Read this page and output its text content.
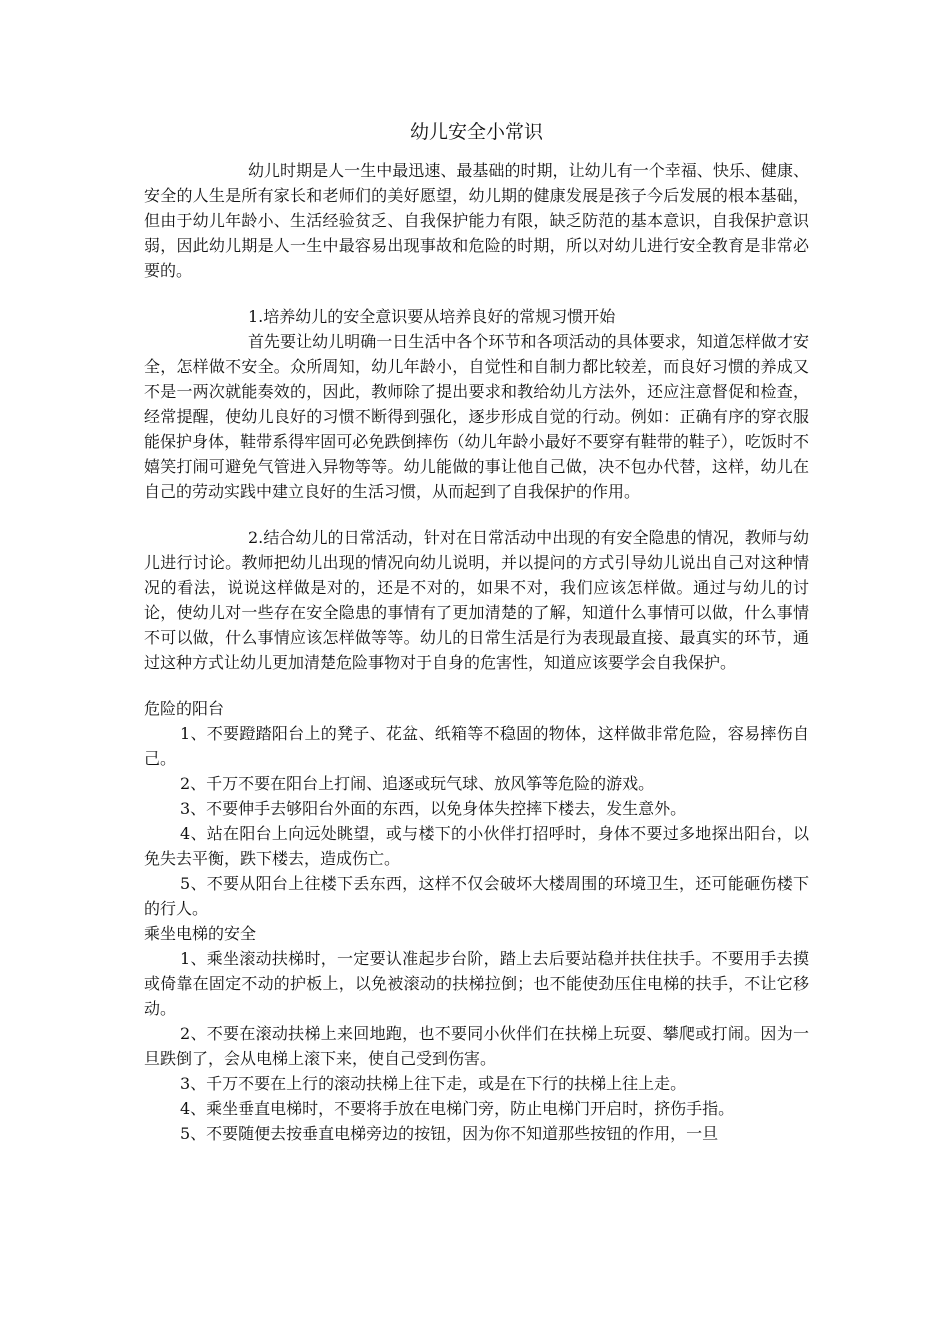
幼儿安全小常识

幼儿时期是人一生中最迅速、最基础的时期，让幼儿有一个幸福、快乐、健康、安全的人生是所有家长和老师们的美好愿望，幼儿期的健康发展是孩子今后发展的根本基础，但由于幼儿年龄小、生活经验贫乏、自我保护能力有限，缺乏防范的基本意识，自我保护意识弱，因此幼儿期是人一生中最容易出现事故和危险的时期，所以对幼儿进行安全教育是非常必要的。

1.培养幼儿的安全意识要从培养良好的常规习惯开始

首先要让幼儿明确一日生活中各个环节和各项活动的具体要求，知道怎样做才安全，怎样做不安全。众所周知，幼儿年龄小，自觉性和自制力都比较差，而良好习惯的养成又不是一两次就能奏效的，因此，教师除了提出要求和教给幼儿方法外，还应注意督促和检查，经常提醒，使幼儿良好的习惯不断得到强化，逐步形成自觉的行动。例如：正确有序的穿衣服能保护身体，鞋带系得牢固可必免跌倒摔伤（幼儿年龄小最好不要穿有鞋带的鞋子），吃饭时不嬉笑打闹可避免气管进入异物等等。幼儿能做的事让他自己做，决不包办代替，这样，幼儿在自己的劳动实践中建立良好的生活习惯，从而起到了自我保护的作用。

2.结合幼儿的日常活动，针对在日常活动中出现的有安全隐患的情况，教师与幼儿进行讨论。教师把幼儿出现的情况向幼儿说明，并以提问的方式引导幼儿说出自己对这种情况的看法，说说这样做是对的，还是不对的，如果不对，我们应该怎样做。通过与幼儿的讨论，使幼儿对一些存在安全隐患的事情有了更加清楚的了解，知道什么事情可以做，什么事情不可以做，什么事情应该怎样做等等。幼儿的日常生活是行为表现最直接、最真实的环节，通过这种方式让幼儿更加清楚危险事物对于自身的危害性，知道应该要学会自我保护。

危险的阳台

1、不要蹬踏阳台上的凳子、花盆、纸箱等不稳固的物体，这样做非常危险，容易摔伤自己。

2、千万不要在阳台上打闹、追逐或玩气球、放风筝等危险的游戏。

3、不要伸手去够阳台外面的东西，以免身体失控摔下楼去，发生意外。

4、站在阳台上向远处眺望，或与楼下的小伙伴打招呼时，身体不要过多地探出阳台，以免失去平衡，跌下楼去，造成伤亡。

5、不要从阳台上往楼下丢东西，这样不仅会破坏大楼周围的环境卫生，还可能砸伤楼下的行人。

乘坐电梯的安全

1、乘坐滚动扶梯时，一定要认准起步台阶，踏上去后要站稳并扶住扶手。不要用手去摸或倚靠在固定不动的护板上，以免被滚动的扶梯拉倒；也不能使劲压住电梯的扶手，不让它移动。

2、不要在滚动扶梯上来回地跑，也不要同小伙伴们在扶梯上玩耍、攀爬或打闹。因为一旦跌倒了，会从电梯上滚下来，使自己受到伤害。

3、千万不要在上行的滚动扶梯上往下走，或是在下行的扶梯上往上走。

4、乘坐垂直电梯时，不要将手放在电梯门旁，防止电梯门开启时，挤伤手指。

5、不要随便去按垂直电梯旁边的按钮，因为你不知道那些按钮的作用，一旦
